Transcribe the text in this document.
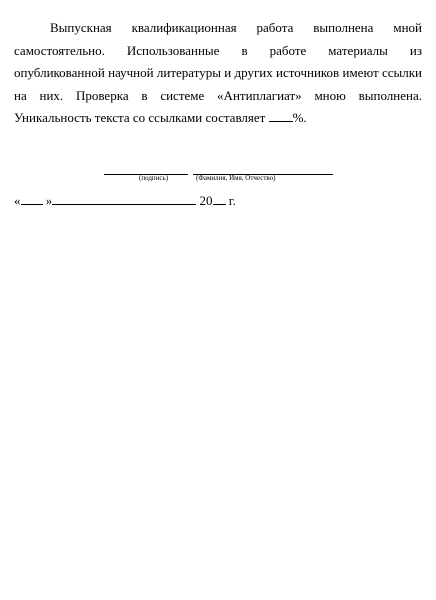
Выпускная квалификационная работа выполнена мной самостоятельно. Использованные в работе материалы из опубликованной научной литературы и других источников имеют ссылки на них. Проверка в системе «Антиплагиат» мною выполнена. Уникальность текста со ссылками составляет %.

(подпись)	(Фамилия, Имя, Отчество)
« »	20 г.
